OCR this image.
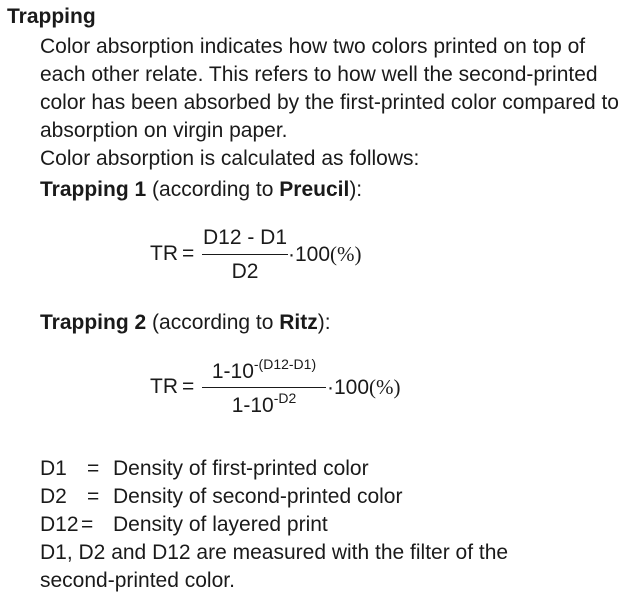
Trapping

Color absorption indicates how two colors printed on top of each other relate. This refers to how well the second-printed color has been absorbed by the first-printed color compared to absorption on virgin paper.

Color absorption is calculated as follows:

Trapping 1 (according to Preucil):
TR =
D12 - D1
D2
·100(%)
Trapping 2 (according to Ritz):
TR =
$1-10^{-(D12-D1)}$
$1-10^{-D2}$	·100(%)
D1 = Density of first-printed color
D2 = Density of second-printed color
D12 = Density of layered print

D1, D2 and D12 are measured with the filter of the

second-printed color.
